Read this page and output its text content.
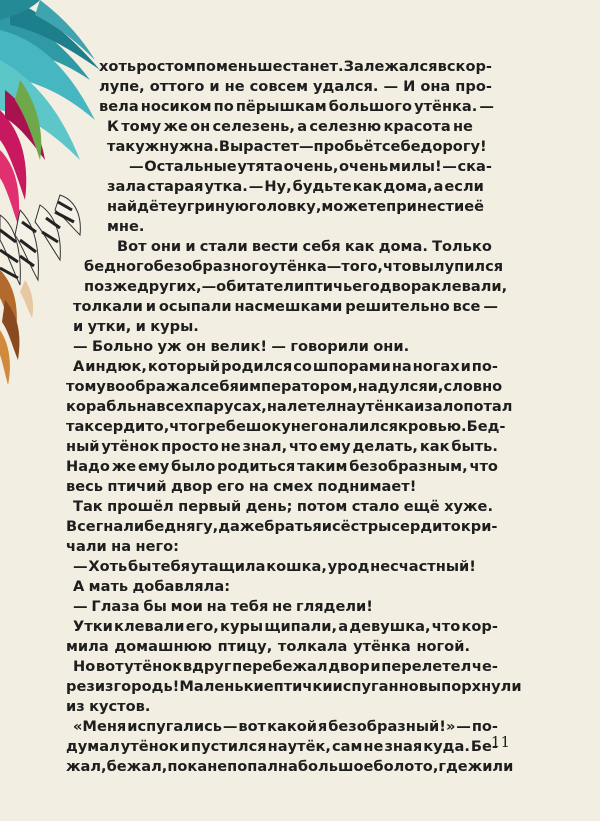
хоть ростом поменьше станет. Залежался в скор-
лупе, оттого и не совсем удался. — И она про-
вела носиком по пёрышкам большого утёнка. —
К тому же он селезень, а селезню красота не
так уж нужна. Вырастет — пробьёт себе дорогу!
— Остальные утята очень, очень милы! — ска-
зала старая утка. — Ну, будьте как дома, а если
найдёте угриную головку, можете принести её
мне.
Вот они и стали вести себя как дома. Только
бедного безобразного утёнка — того, что вылупился
позже других, — обитатели птичьего двора клевали,
толкали и осыпали насмешками решительно все —
и утки, и куры.
— Больно уж он велик! — говорили они.
А индюк, который родился со шпорами на ногах и по-
тому воображал себя императором, надулся и, словно
корабль на всех парусах, налетел на утёнка и залопотал
так сердито, что гребешок у него налился кровью. Бед-
ный утёнок просто не знал, что ему делать, как быть.
Надо же ему было родиться таким безобразным, что
весь птичий двор его на смех поднимает!
Так прошёл первый день; потом стало ещё хуже.
Все гнали беднягу, даже братья и сёстры сердито кри-
чали на него:
— Хоть бы тебя утащила кошка, урод несчастный!
А мать добавляла:
— Глаза бы мои на тебя не глядели!
Утки клевали его, куры щипали, а девушка, что кор-
мила домашнюю птицу, толкала утёнка ногой.
Но вот утёнок вдруг перебежал двор и перелетел че-
рез изгородь! Маленькие птички испуганно выпорхнули
из кустов.
«Меня испугались — вот какой я безобразный!» — по-
думал утёнок и пустился наутёк, сам не зная куда. Бе-
жал, бежал, пока не попал на большое болото, где жили
11
